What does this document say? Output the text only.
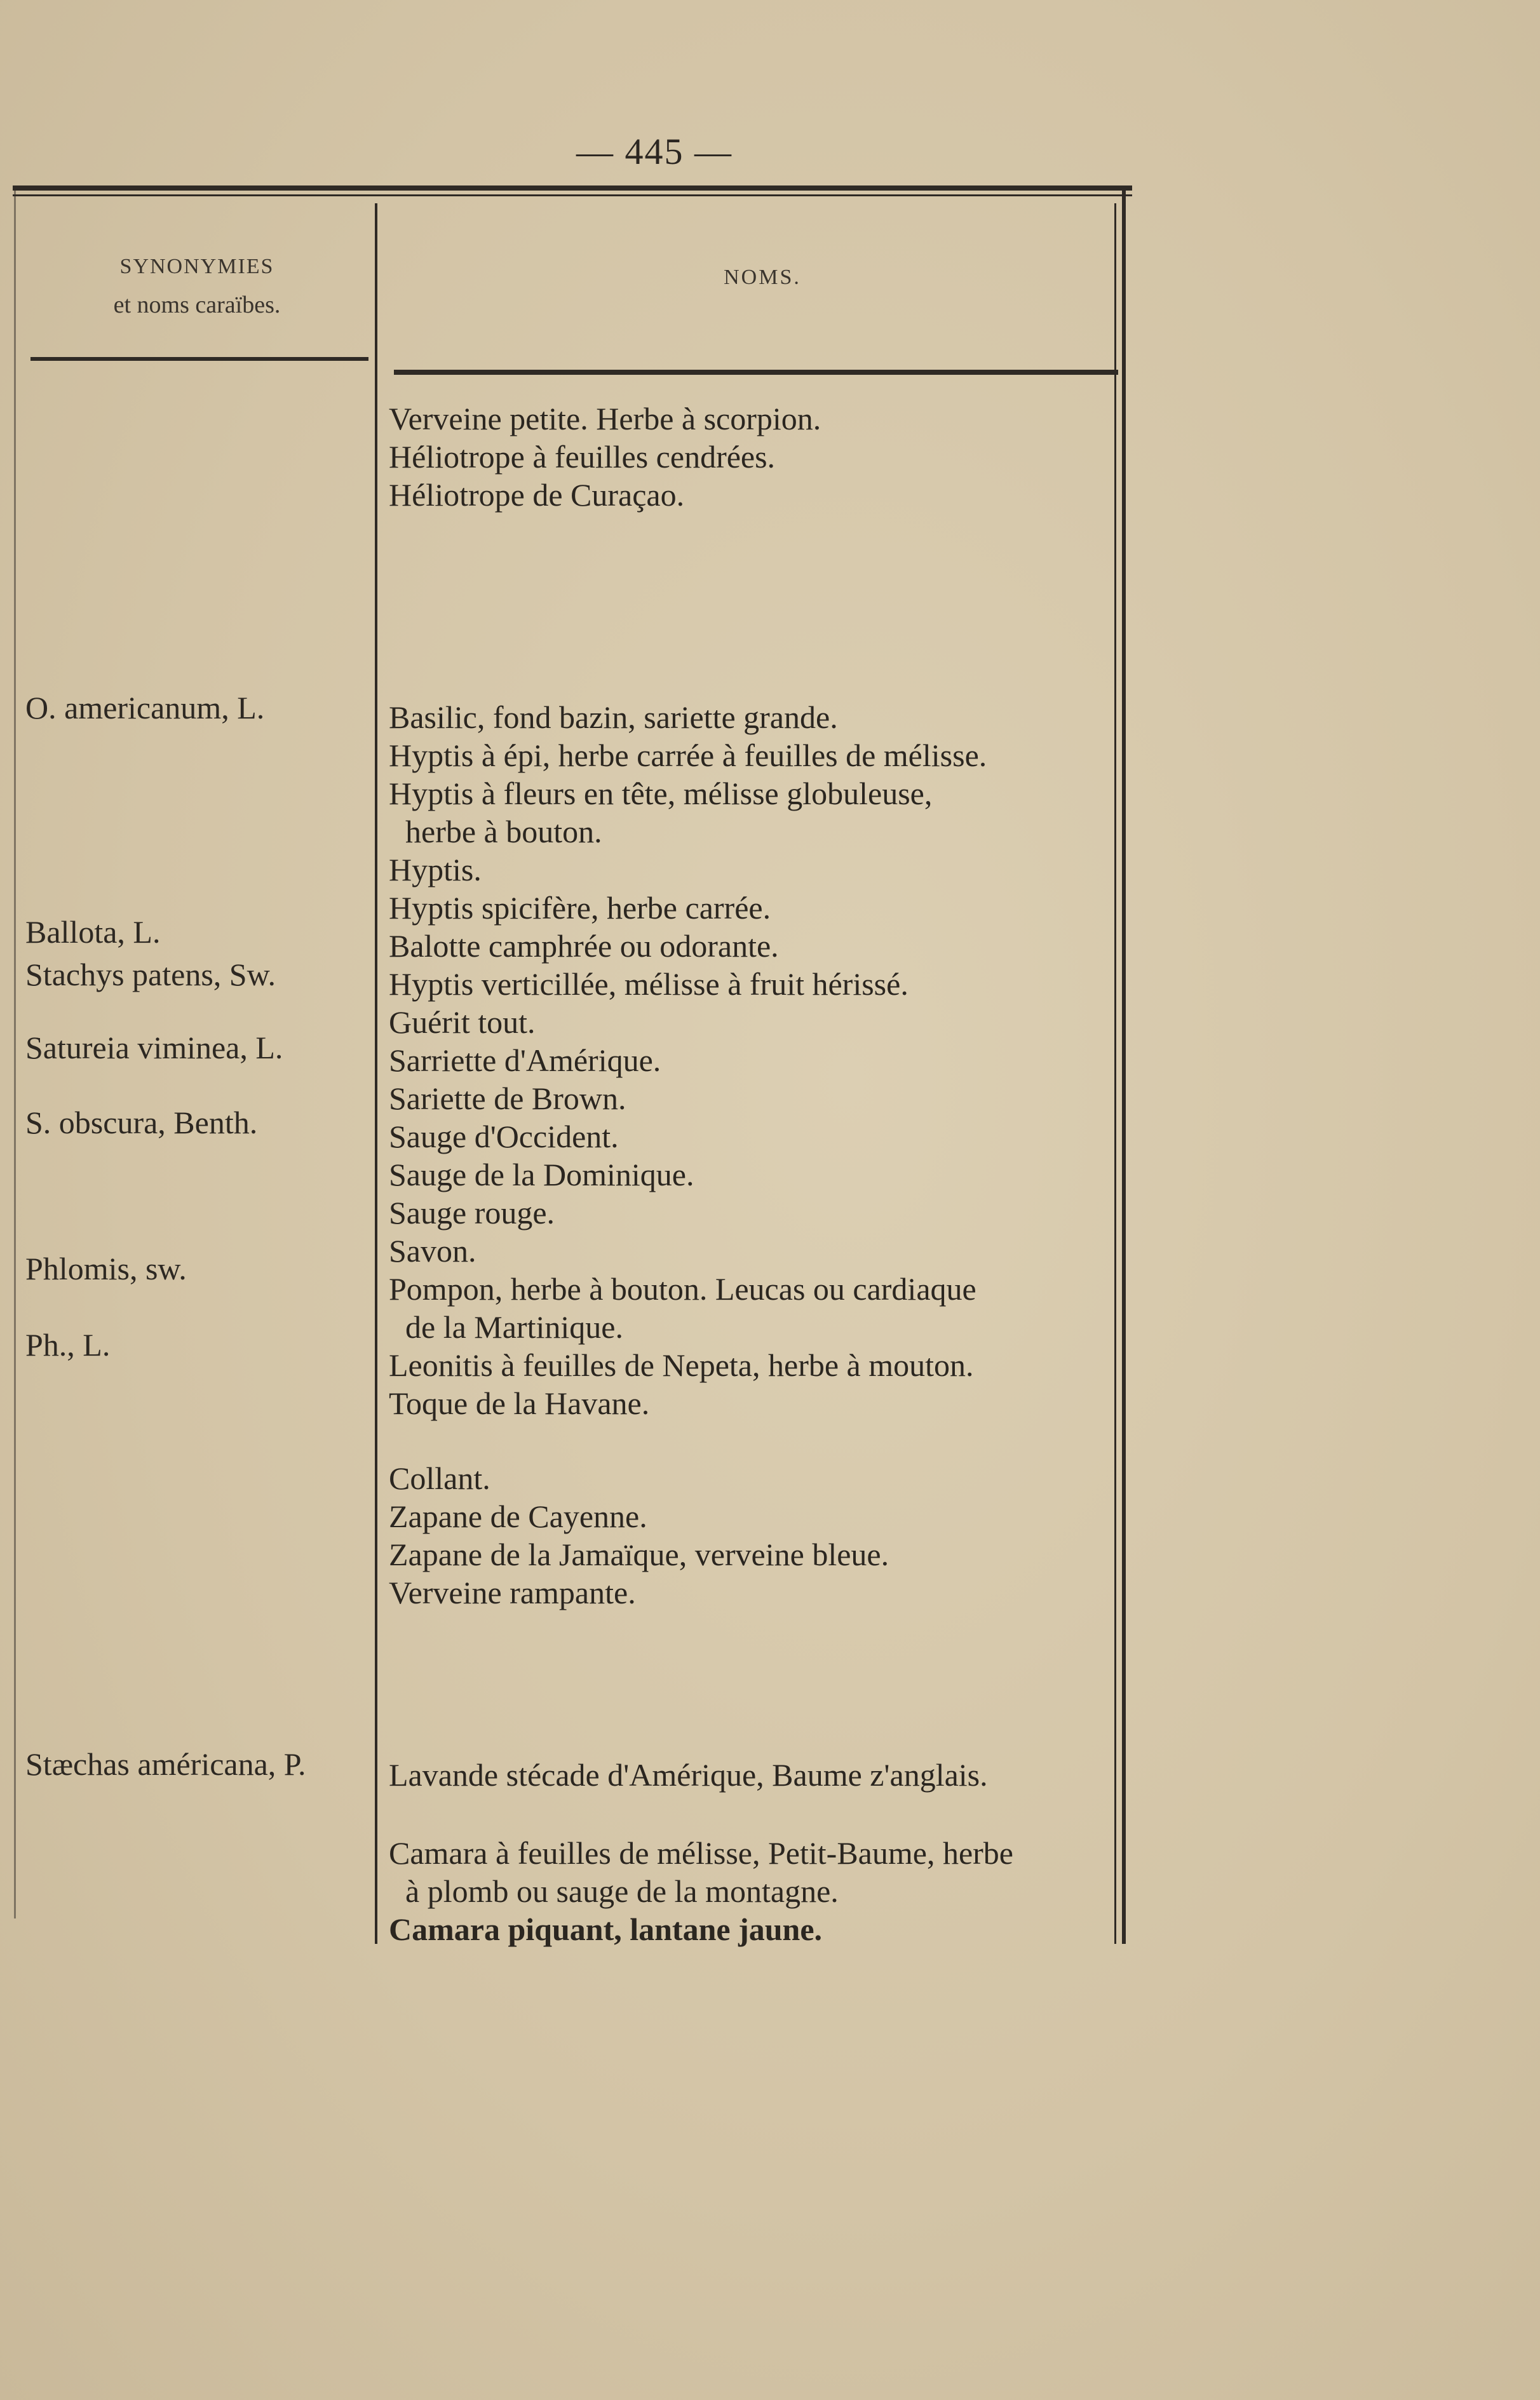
— 445 —
SYNONYMIES
et noms caraïbes.
NOMS.
O. americanum, L.
Ballota, L.
Stachys patens, Sw.
Satureia viminea, L.
S. obscura, Benth.
Phlomis, sw.
Ph., L.
Stæchas américana, P.
Verveine petite. Herbe à scorpion.
Héliotrope à feuilles cendrées.
Héliotrope de Curaçao.
Basilic, fond bazin, sariette grande.
Hyptis à épi, herbe carrée à feuilles de mélisse.
Hyptis à fleurs en tête, mélisse globuleuse,
herbe à bouton.
Hyptis.
Hyptis spicifère, herbe carrée.
Balotte camphrée ou odorante.
Hyptis verticillée, mélisse à fruit hérissé.
Guérit tout.
Sarriette d'Amérique.
Sariette de Brown.
Sauge d'Occident.
Sauge de la Dominique.
Sauge rouge.
Savon.
Pompon, herbe à bouton. Leucas ou cardiaque
de la Martinique.
Leonitis à feuilles de Nepeta, herbe à mouton.
Toque de la Havane.
Collant.
Zapane de Cayenne.
Zapane de la Jamaïque, verveine bleue.
Verveine rampante.
Lavande stécade d'Amérique, Baume z'anglais.
Camara à feuilles de mélisse, Petit-Baume, herbe
à plomb ou sauge de la montagne.
Camara piquant, lantane jaune.
